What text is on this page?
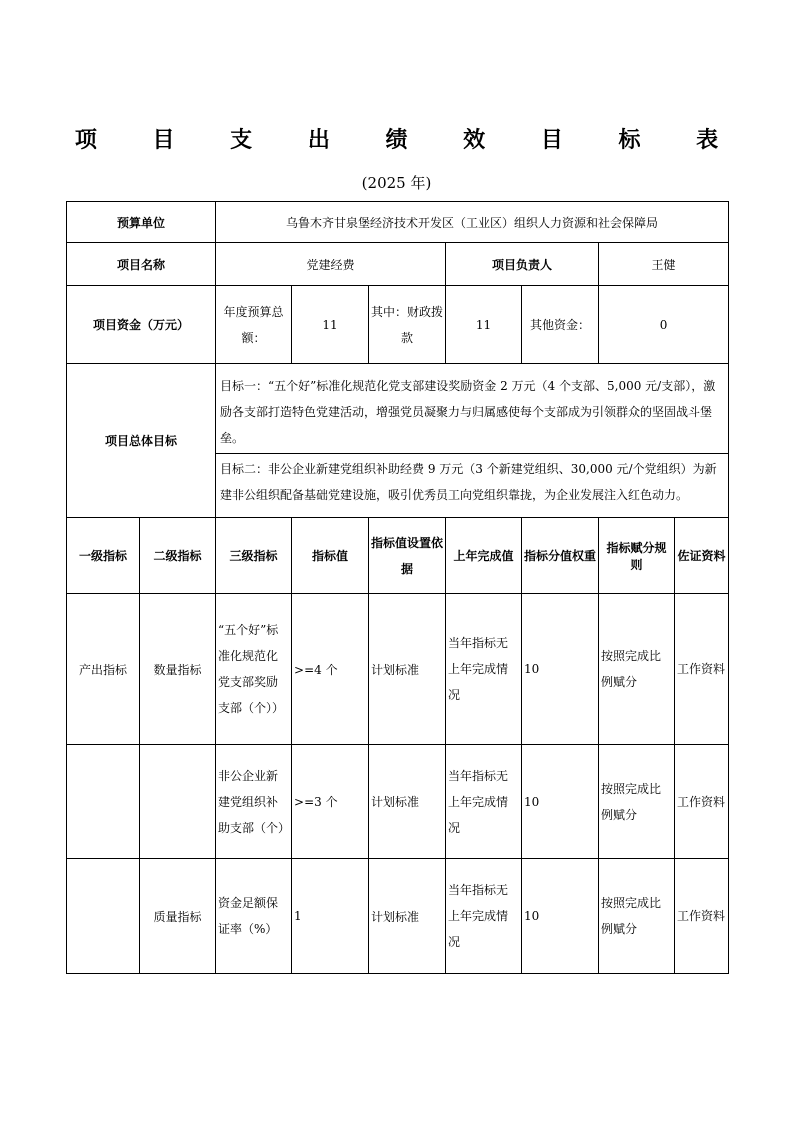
项 目 支 出 绩 效 目 标 表
(2025 年)
预算单位		乌鲁木齐甘泉堡经济技术开发区（工业区）组织人力资源和社会保障局						
项目名称		党建经费			项目负责人		王健	
项目资金（万元）		年度预算总额：	11	其中：财政拨款	11	其他资金：	0	
项目总体目标		目标一：“五个好”标准化规范化党支部建设奖励资金 2 万元（4 个支部、5,000 元/支部），激励各支部打造特色党建活动，增强党员凝聚力与归属感使每个支部成为引领群众的坚固战斗堡垒。
目标二：非公企业新建党组织补助经费 9 万元（3 个新建党组织、30,000 元/个党组织）为新建非公组织配备基础党建设施，吸引优秀员工向党组织靠拢，为企业发展注入红色动力。						

一级指标	二级指标	三级指标	指标值	指标值设置依据	上年完成值	指标分值权重	指标赋分规则	佐证资料
产出指标	数量指标	“五个好”标准化规范化党支部奖励支部（个））	>=4 个	计划标准	当年指标无上年完成情况	10	按照完成比例赋分	工作资料
		非公企业新建党组织补助支部（个）	>=3 个	计划标准	当年指标无上年完成情况	10	按照完成比例赋分	工作资料
	质量指标	资金足额保证率（%）	1	计划标准	当年指标无上年完成情况	10	按照完成比例赋分	工作资料
